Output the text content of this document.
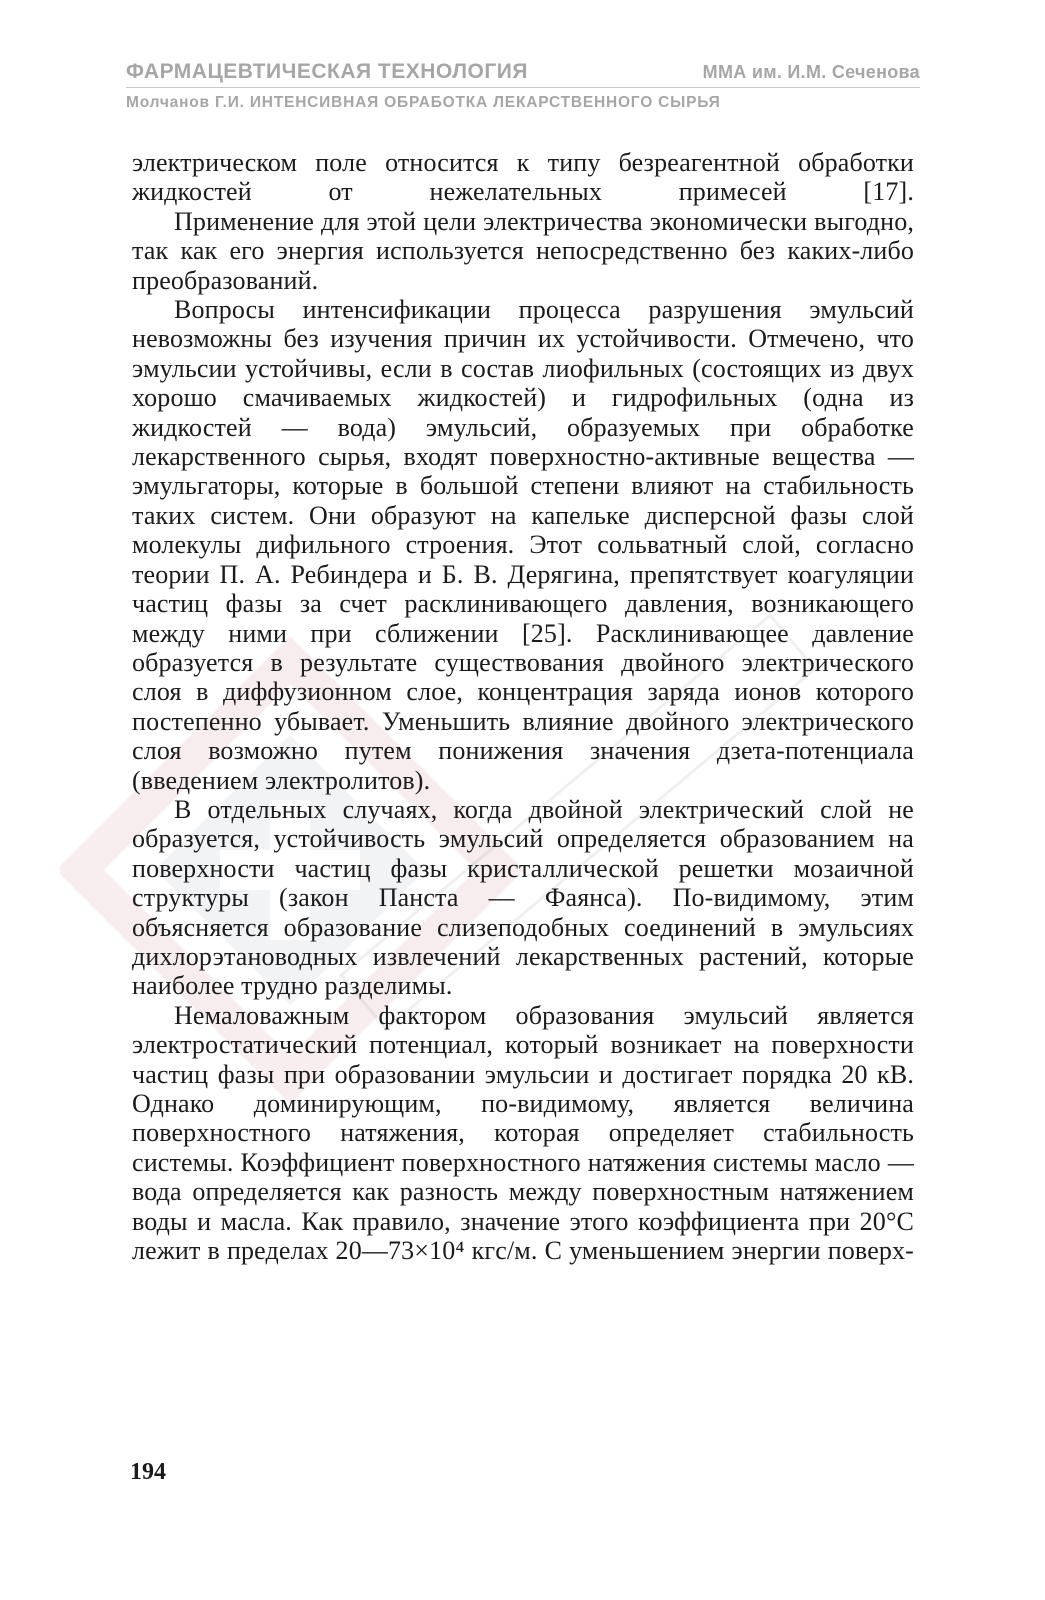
ФАРМАЦЕВТИЧЕСКАЯ ТЕХНОЛОГИЯ	ММА им. И.М. Сеченова
Молчанов Г.И. ИНТЕНСИВНАЯ ОБРАБОТКА ЛЕКАРСТВЕННОГО СЫРЬЯ

электрическом поле относится к типу безреагентной обработки жидкостей от нежелательных примесей [17].

Применение для этой цели электричества экономически выгодно, так как его энергия используется непосредственно без каких-либо преобразований.

Вопросы интенсификации процесса разрушения эмульсий невозможны без изучения причин их устойчивости. Отмечено, что эмульсии устойчивы, если в состав лиофильных (состоящих из двух хорошо смачиваемых жидкостей) и гидрофильных (одна из жидкостей — вода) эмульсий, образуемых при обработке лекарственного сырья, входят поверхностно-активные вещества — эмульгаторы, которые в большой степени влияют на стабильность таких систем. Они образуют на капельке дисперсной фазы слой молекулы дифильного строения. Этот сольватный слой, согласно теории П. А. Ребиндера и Б. В. Дерягина, препятствует коагуляции частиц фазы за счет расклинивающего давления, возникающего между ними при сближении [25]. Расклинивающее давление образуется в результате существования двойного электрического слоя в диффузионном слое, концентрация заряда ионов которого постепенно убывает. Уменьшить влияние двойного электрического слоя возможно путем понижения значения дзета-потенциала (введением электролитов).

В отдельных случаях, когда двойной электрический слой не образуется, устойчивость эмульсий определяется образованием на поверхности частиц фазы кристаллической решетки мозаичной структуры (закон Панста — Фаянса). По-видимому, этим объясняется образование слизеподобных соединений в эмульсиях дихлорэтановодных извлечений лекарственных растений, которые наиболее трудно разделимы.

Немаловажным фактором образования эмульсий является электростатический потенциал, который возникает на поверхности частиц фазы при образовании эмульсии и достигает порядка 20 кВ. Однако доминирующим, по-видимому, является величина поверхностного натяжения, которая определяет стабильность системы. Коэффициент поверхностного натяжения системы масло — вода определяется как разность между поверхностным натяжением воды и масла. Как правило, значение этого коэффициента при 20°С лежит в пределах 20—73×10⁴ кгс/м. С уменьшением энергии поверх-

194
